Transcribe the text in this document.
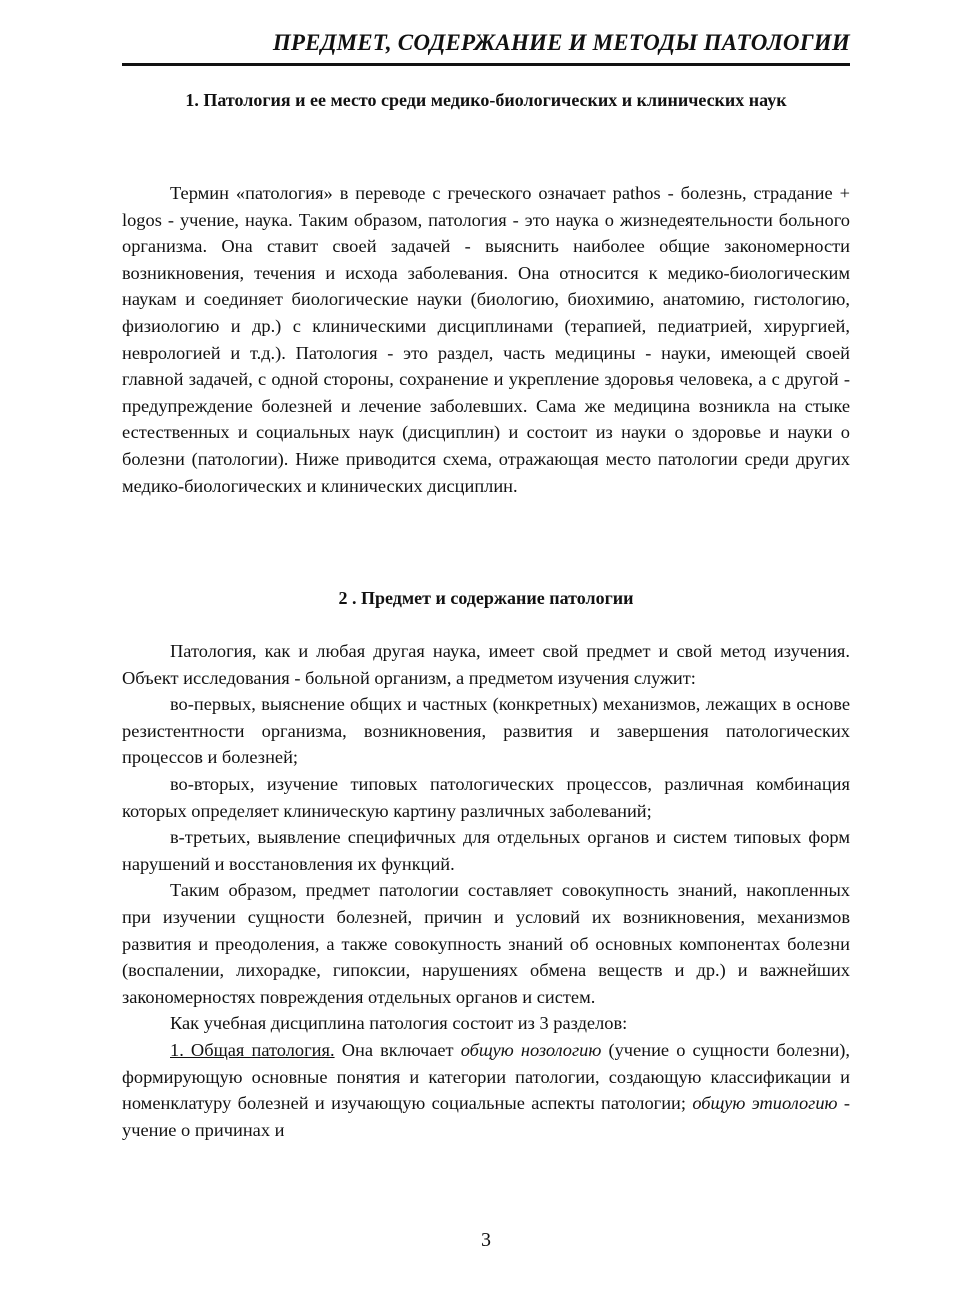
ПРЕДМЕТ, СОДЕРЖАНИЕ И МЕТОДЫ ПАТОЛОГИИ
1. Патология и ее место среди медико-биологических и клинических наук

Термин «патология» в переводе с греческого означает pathos - болезнь, страдание + logos - учение, наука. Таким образом, патология - это наука о жизнедеятельности больного организма. Она ставит своей задачей - выяснить наиболее общие закономерности возникновения, течения и исхода заболевания. Она относится к медико-биологическим наукам и соединяет биологические науки (биологию, биохимию, анатомию, гистологию, физиологию и др.) с клиническими дисциплинами (терапией, педиатрией, хирургией, неврологией и т.д.). Патология - это раздел, часть медицины - науки, имеющей своей главной задачей, с одной стороны, сохранение и укрепление здоровья человека, а с другой - предупреждение болезней и лечение заболевших. Сама же медицина возникла на стыке естественных и социальных наук (дисциплин) и состоит из науки о здоровье и науки о болезни (патологии). Ниже приводится схема, отражающая место патологии среди других медико-биологических и клинических дисциплин.

2 . Предмет и содержание патологии

Патология, как и любая другая наука, имеет свой предмет и свой метод изучения. Объект исследования - больной организм, а предметом изучения служит:

во-первых, выяснение общих и частных (конкретных) механизмов, лежащих в основе резистентности организма, возникновения, развития и завершения патологических процессов и болезней;

во-вторых, изучение типовых патологических процессов, различная комбинация которых определяет клиническую картину различных заболеваний;

в-третьих, выявление специфичных для отдельных органов и систем типовых форм нарушений и восстановления их функций.

Таким образом, предмет патологии составляет совокупность знаний, накопленных при изучении сущности болезней, причин и условий их возникновения, механизмов развития и преодоления, а также совокупность знаний об основных компонентах болезни (воспалении, лихорадке, гипоксии, нарушениях обмена веществ и др.) и важнейших закономерностях повреждения отдельных органов и систем.

Как учебная дисциплина патология состоит из 3 разделов:

1. Общая патология. Она включает общую нозологию (учение о сущности болезни), формирующую основные понятия и категории патологии, создающую классификации и номенклатуру болезней и изучающую социальные аспекты патологии; общую этиологию - учение о причинах и

3
